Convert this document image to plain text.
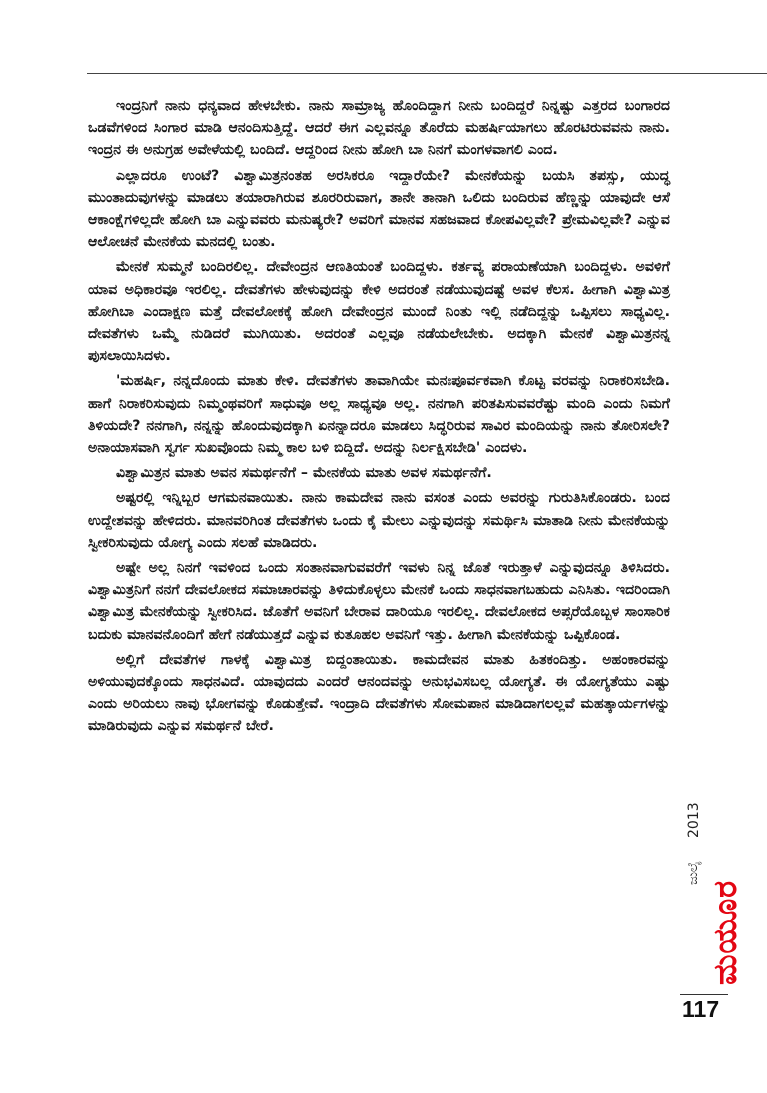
ಇಂದ್ರನಿಗೆ ನಾನು ಧನ್ಯವಾದ ಹೇಳಬೇಕು. ನಾನು ಸಾಮ್ರಾಜ್ಯ ಹೊಂದಿದ್ದಾಗ ನೀನು ಬಂದಿದ್ದರೆ ನಿನ್ನಷ್ಟು ಎತ್ತರದ ಬಂಗಾರದ ಒಡವೆಗಳಿಂದ ಸಿಂಗಾರ ಮಾಡಿ ಆನಂದಿಸುತ್ತಿದ್ದೆ. ಆದರೆ ಈಗ ಎಲ್ಲವನ್ನೂ ತೊರೆದು ಮಹರ್ಷಿಯಾಗಲು ಹೊರಟಿರುವವನು ನಾನು. ಇಂದ್ರನ ಈ ಅನುಗ್ರಹ ಅವೇಳೆಯಲ್ಲಿ ಬಂದಿದೆ. ಆದ್ದರಿಂದ ನೀನು ಹೋಗಿ ಬಾ ನಿನಗೆ ಮಂಗಳವಾಗಲಿ ಎಂದ.

ಎಲ್ಲಾದರೂ ಉಂಟೆ? ವಿಶ್ವಾಮಿತ್ರನಂತಹ ಅರಸಿಕರೂ ಇದ್ದಾರೆಯೇ? ಮೇನಕೆಯನ್ನು ಬಯಸಿ ತಪಸ್ಸು, ಯುದ್ಧ ಮುಂತಾದುವುಗಳನ್ನು ಮಾಡಲು ತಯಾರಾಗಿರುವ ಶೂರರಿರುವಾಗ, ತಾನೇ ತಾನಾಗಿ ಒಲಿದು ಬಂದಿರುವ ಹೆಣ್ಣನ್ನು ಯಾವುದೇ ಆಸೆ ಆಕಾಂಕ್ಷೆಗಳಿಲ್ಲದೇ ಹೋಗಿ ಬಾ ಎನ್ನುವವರು ಮನುಷ್ಯರೇ? ಅವರಿಗೆ ಮಾನವ ಸಹಜವಾದ ಕೋಪವಿಲ್ಲವೇ? ಪ್ರೇಮವಿಲ್ಲವೇ? ಎನ್ನುವ ಆಲೋಚನೆ ಮೇನಕೆಯ ಮನದಲ್ಲಿ ಬಂತು.

ಮೇನಕೆ ಸುಮ್ಮನೆ ಬಂದಿರಲಿಲ್ಲ. ದೇವೇಂದ್ರನ ಆಣತಿಯಂತೆ ಬಂದಿದ್ದಳು. ಕರ್ತವ್ಯ ಪರಾಯಣೆಯಾಗಿ ಬಂದಿದ್ದಳು. ಅವಳಿಗೆ ಯಾವ ಅಧಿಕಾರವೂ ಇರಲಿಲ್ಲ. ದೇವತೆಗಳು ಹೇಳುವುದನ್ನು ಕೇಳಿ ಅದರಂತೆ ನಡೆಯುವುದಷ್ಟೆ ಅವಳ ಕೆಲಸ. ಹೀಗಾಗಿ ವಿಶ್ವಾಮಿತ್ರ ಹೋಗಿಬಾ ಎಂದಾಕ್ಷಣ ಮತ್ತೆ ದೇವಲೋಕಕ್ಕೆ ಹೋಗಿ ದೇವೇಂದ್ರನ ಮುಂದೆ ನಿಂತು ಇಲ್ಲಿ ನಡೆದಿದ್ದನ್ನು ಒಪ್ಪಿಸಲು ಸಾಧ್ಯವಿಲ್ಲ. ದೇವತೆಗಳು ಒಮ್ಮೆ ನುಡಿದರೆ ಮುಗಿಯಿತು. ಅದರಂತೆ ಎಲ್ಲವೂ ನಡೆಯಲೇಬೇಕು. ಅದಕ್ಕಾಗಿ ಮೇನಕೆ ವಿಶ್ವಾಮಿತ್ರನನ್ನ ಪುಸಲಾಯಿಸಿದಳು.

'ಮಹರ್ಷಿ, ನನ್ನದೊಂದು ಮಾತು ಕೇಳಿ. ದೇವತೆಗಳು ತಾವಾಗಿಯೇ ಮನಃಪೂರ್ವಕವಾಗಿ ಕೊಟ್ಟ ವರವನ್ನು ನಿರಾಕರಿಸಬೇಡಿ. ಹಾಗೆ ನಿರಾಕರಿಸುವುದು ನಿಮ್ಮಂಥವರಿಗೆ ಸಾಧುವೂ ಅಲ್ಲ ಸಾಧ್ಯವೂ ಅಲ್ಲ. ನನಗಾಗಿ ಪರಿತಪಿಸುವವರೆಷ್ಟು ಮಂದಿ ಎಂದು ನಿಮಗೆ ತಿಳಿಯದೇ? ನನಗಾಗಿ, ನನ್ನನ್ನು ಹೊಂದುವುದಕ್ಕಾಗಿ ಏನನ್ನಾದರೂ ಮಾಡಲು ಸಿದ್ಧರಿರುವ ಸಾವಿರ ಮಂದಿಯನ್ನು ನಾನು ತೋರಿಸಲೇ? ಅನಾಯಾಸವಾಗಿ ಸ್ವರ್ಗ ಸುಖವೊಂದು ನಿಮ್ಮ ಕಾಲ ಬಳಿ ಬಿದ್ದಿದೆ. ಅದನ್ನು ನಿರ್ಲಕ್ಷಿಸಬೇಡಿ' ಎಂದಳು.

ವಿಶ್ವಾಮಿತ್ರನ ಮಾತು ಅವನ ಸಮರ್ಥನೆಗೆ – ಮೇನಕೆಯ ಮಾತು ಅವಳ ಸಮರ್ಥನೆಗೆ.

ಅಷ್ಟರಲ್ಲಿ ಇನ್ನಿಬ್ಬರ ಆಗಮನವಾಯಿತು. ನಾನು ಕಾಮದೇವ ನಾನು ವಸಂತ ಎಂದು ಅವರನ್ನು ಗುರುತಿಸಿಕೊಂಡರು. ಬಂದ ಉದ್ದೇಶವನ್ನು ಹೇಳಿದರು. ಮಾನವರಿಗಿಂತ ದೇವತೆಗಳು ಒಂದು ಕೈ ಮೇಲು ಎನ್ನುವುದನ್ನು ಸಮರ್ಥಿಸಿ ಮಾತಾಡಿ ನೀನು ಮೇನಕೆಯನ್ನು ಸ್ವೀಕರಿಸುವುದು ಯೋಗ್ಯ ಎಂದು ಸಲಹೆ ಮಾಡಿದರು.

ಅಷ್ಟೇ ಅಲ್ಲ ನಿನಗೆ ಇವಳಿಂದ ಒಂದು ಸಂತಾನವಾಗುವವರೆಗೆ ಇವಳು ನಿನ್ನ ಜೊತೆ ಇರುತ್ತಾಳೆ ಎನ್ನುವುದನ್ನೂ ತಿಳಿಸಿದರು. ವಿಶ್ವಾಮಿತ್ರನಿಗೆ ನನಗೆ ದೇವಲೋಕದ ಸಮಾಚಾರವನ್ನು ತಿಳಿದುಕೊಳ್ಳಲು ಮೇನಕೆ ಒಂದು ಸಾಧನವಾಗಬಹುದು ಎನಿಸಿತು. ಇದರಿಂದಾಗಿ ವಿಶ್ವಾಮಿತ್ರ ಮೇನಕೆಯನ್ನು ಸ್ವೀಕರಿಸಿದ. ಜೊತೆಗೆ ಅವನಿಗೆ ಬೇರಾವ ದಾರಿಯೂ ಇರಲಿಲ್ಲ. ದೇವಲೋಕದ ಅಪ್ಸರೆಯೊಬ್ಬಳ ಸಾಂಸಾರಿಕ ಬದುಕು ಮಾನವನೊಂದಿಗೆ ಹೇಗೆ ನಡೆಯುತ್ತದೆ ಎನ್ನುವ ಕುತೂಹಲ ಅವನಿಗೆ ಇತ್ತು. ಹೀಗಾಗಿ ಮೇನಕೆಯನ್ನು ಒಪ್ಪಿಕೊಂಡ.

ಅಲ್ಲಿಗೆ ದೇವತೆಗಳ ಗಾಳಕ್ಕೆ ವಿಶ್ವಾಮಿತ್ರ ಬಿದ್ದಂತಾಯಿತು. ಕಾಮದೇವನ ಮಾತು ಹಿತಕಂದಿತ್ತು. ಅಹಂಕಾರವನ್ನು ಅಳಿಯುವುದಕ್ಕೊಂದು ಸಾಧನವಿದೆ. ಯಾವುದದು ಎಂದರೆ ಆನಂದವನ್ನು ಅನುಭವಿಸಬಲ್ಲ ಯೋಗ್ಯತೆ. ಈ ಯೋಗ್ಯತೆಯು ಎಷ್ಟು ಎಂದು ಅರಿಯಲು ನಾವು ಭೋಗವನ್ನು ಕೊಡುತ್ತೇವೆ. ಇಂದ್ರಾದಿ ದೇವತೆಗಳು ಸೋಮಪಾನ ಮಾಡಿದಾಗಲಲ್ಲವೆ ಮಹತ್ಕಾರ್ಯಗಳನ್ನು ಮಾಡಿರುವುದು ಎನ್ನುವ ಸಮರ್ಥನೆ ಬೇರೆ.

ಮಯೂರ
ಜುಲೈ
2013
117
